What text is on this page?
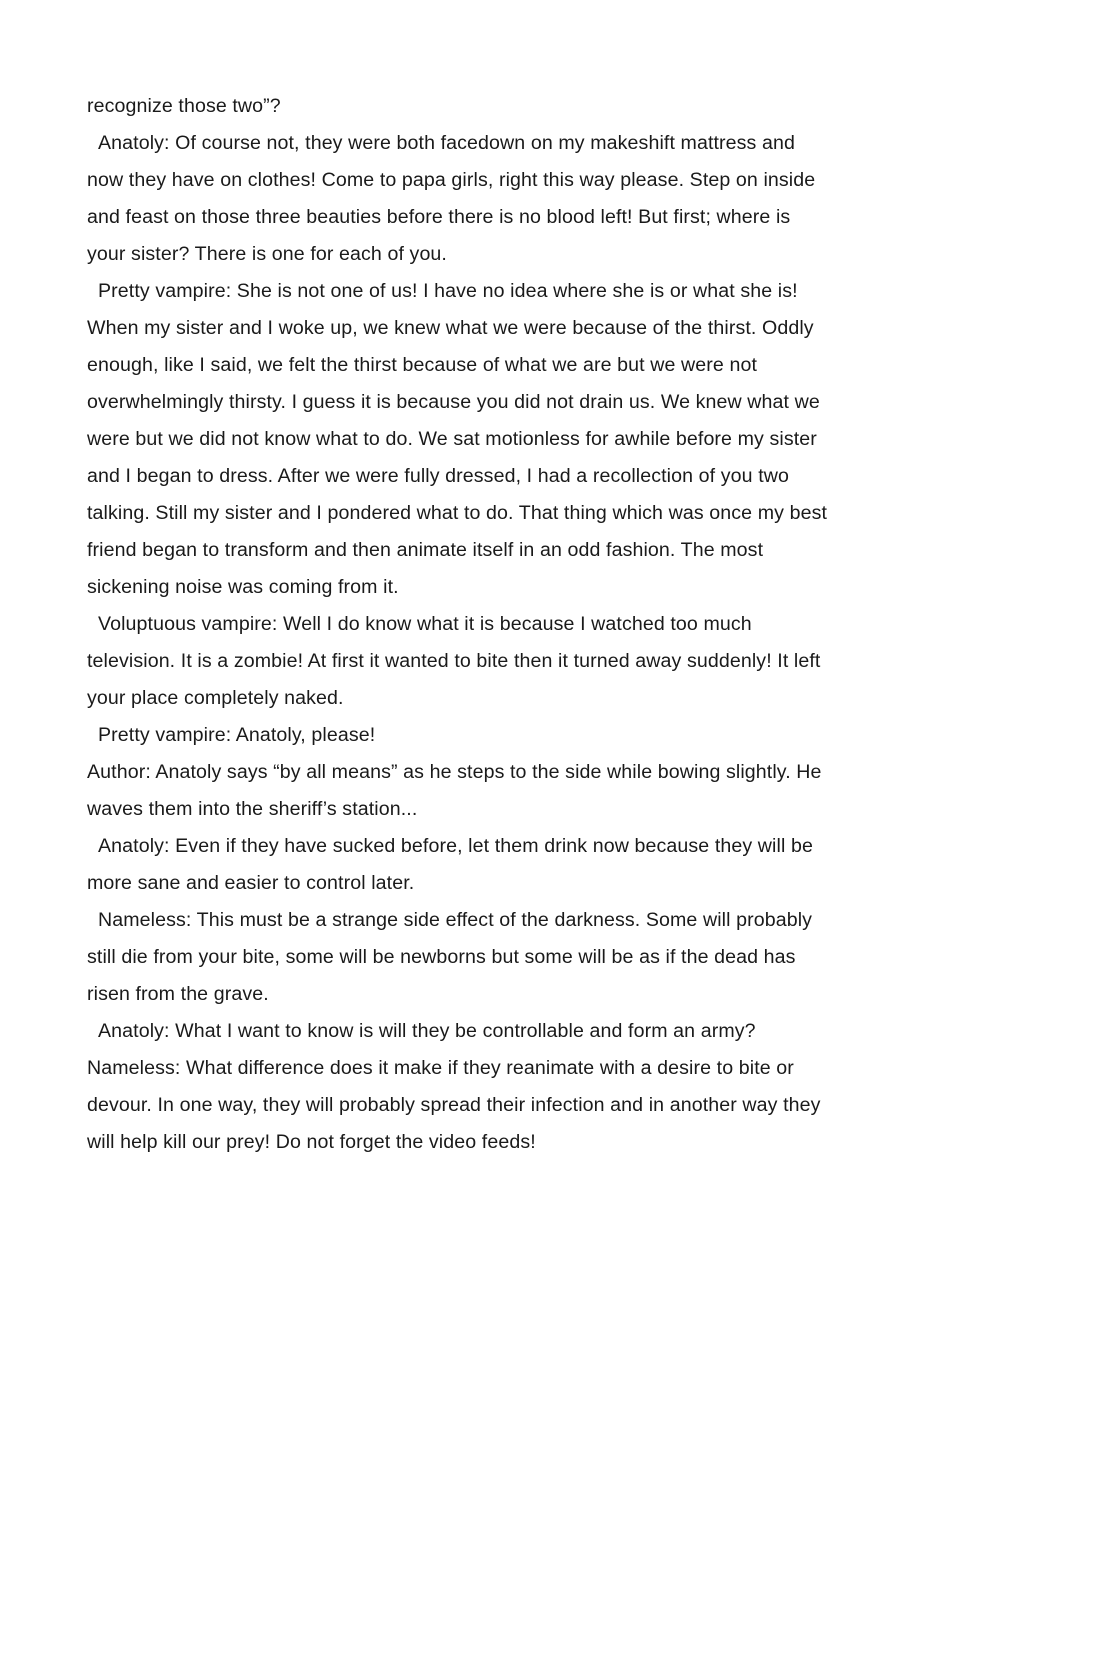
recognize those two”?
Anatoly: Of course not, they were both facedown on my makeshift mattress and
now they have on clothes! Come to papa girls, right this way please. Step on inside
and feast on those three beauties before there is no blood left! But first; where is
your sister? There is one for each of you.
Pretty vampire: She is not one of us! I have no idea where she is or what she is!
When my sister and I woke up, we knew what we were because of the thirst. Oddly
enough, like I said, we felt the thirst because of what we are but we were not
overwhelmingly thirsty. I guess it is because you did not drain us. We knew what we
were but we did not know what to do. We sat motionless for awhile before my sister
and I began to dress. After we were fully dressed, I had a recollection of you two
talking. Still my sister and I pondered what to do. That thing which was once my best
friend began to transform and then animate itself in an odd fashion. The most
sickening noise was coming from it.
Voluptuous vampire: Well I do know what it is because I watched too much
television. It is a zombie! At first it wanted to bite then it turned away suddenly! It left
your place completely naked.
Pretty vampire: Anatoly, please!
Author: Anatoly says “by all means” as he steps to the side while bowing slightly. He
waves them into the sheriff’s station...
Anatoly: Even if they have sucked before, let them drink now because they will be
more sane and easier to control later.
Nameless: This must be a strange side effect of the darkness. Some will probably
still die from your bite, some will be newborns but some will be as if the dead has
risen from the grave.
Anatoly: What I want to know is will they be controllable and form an army?
Nameless: What difference does it make if they reanimate with a desire to bite or
devour. In one way, they will probably spread their infection and in another way they
will help kill our prey! Do not forget the video feeds!
